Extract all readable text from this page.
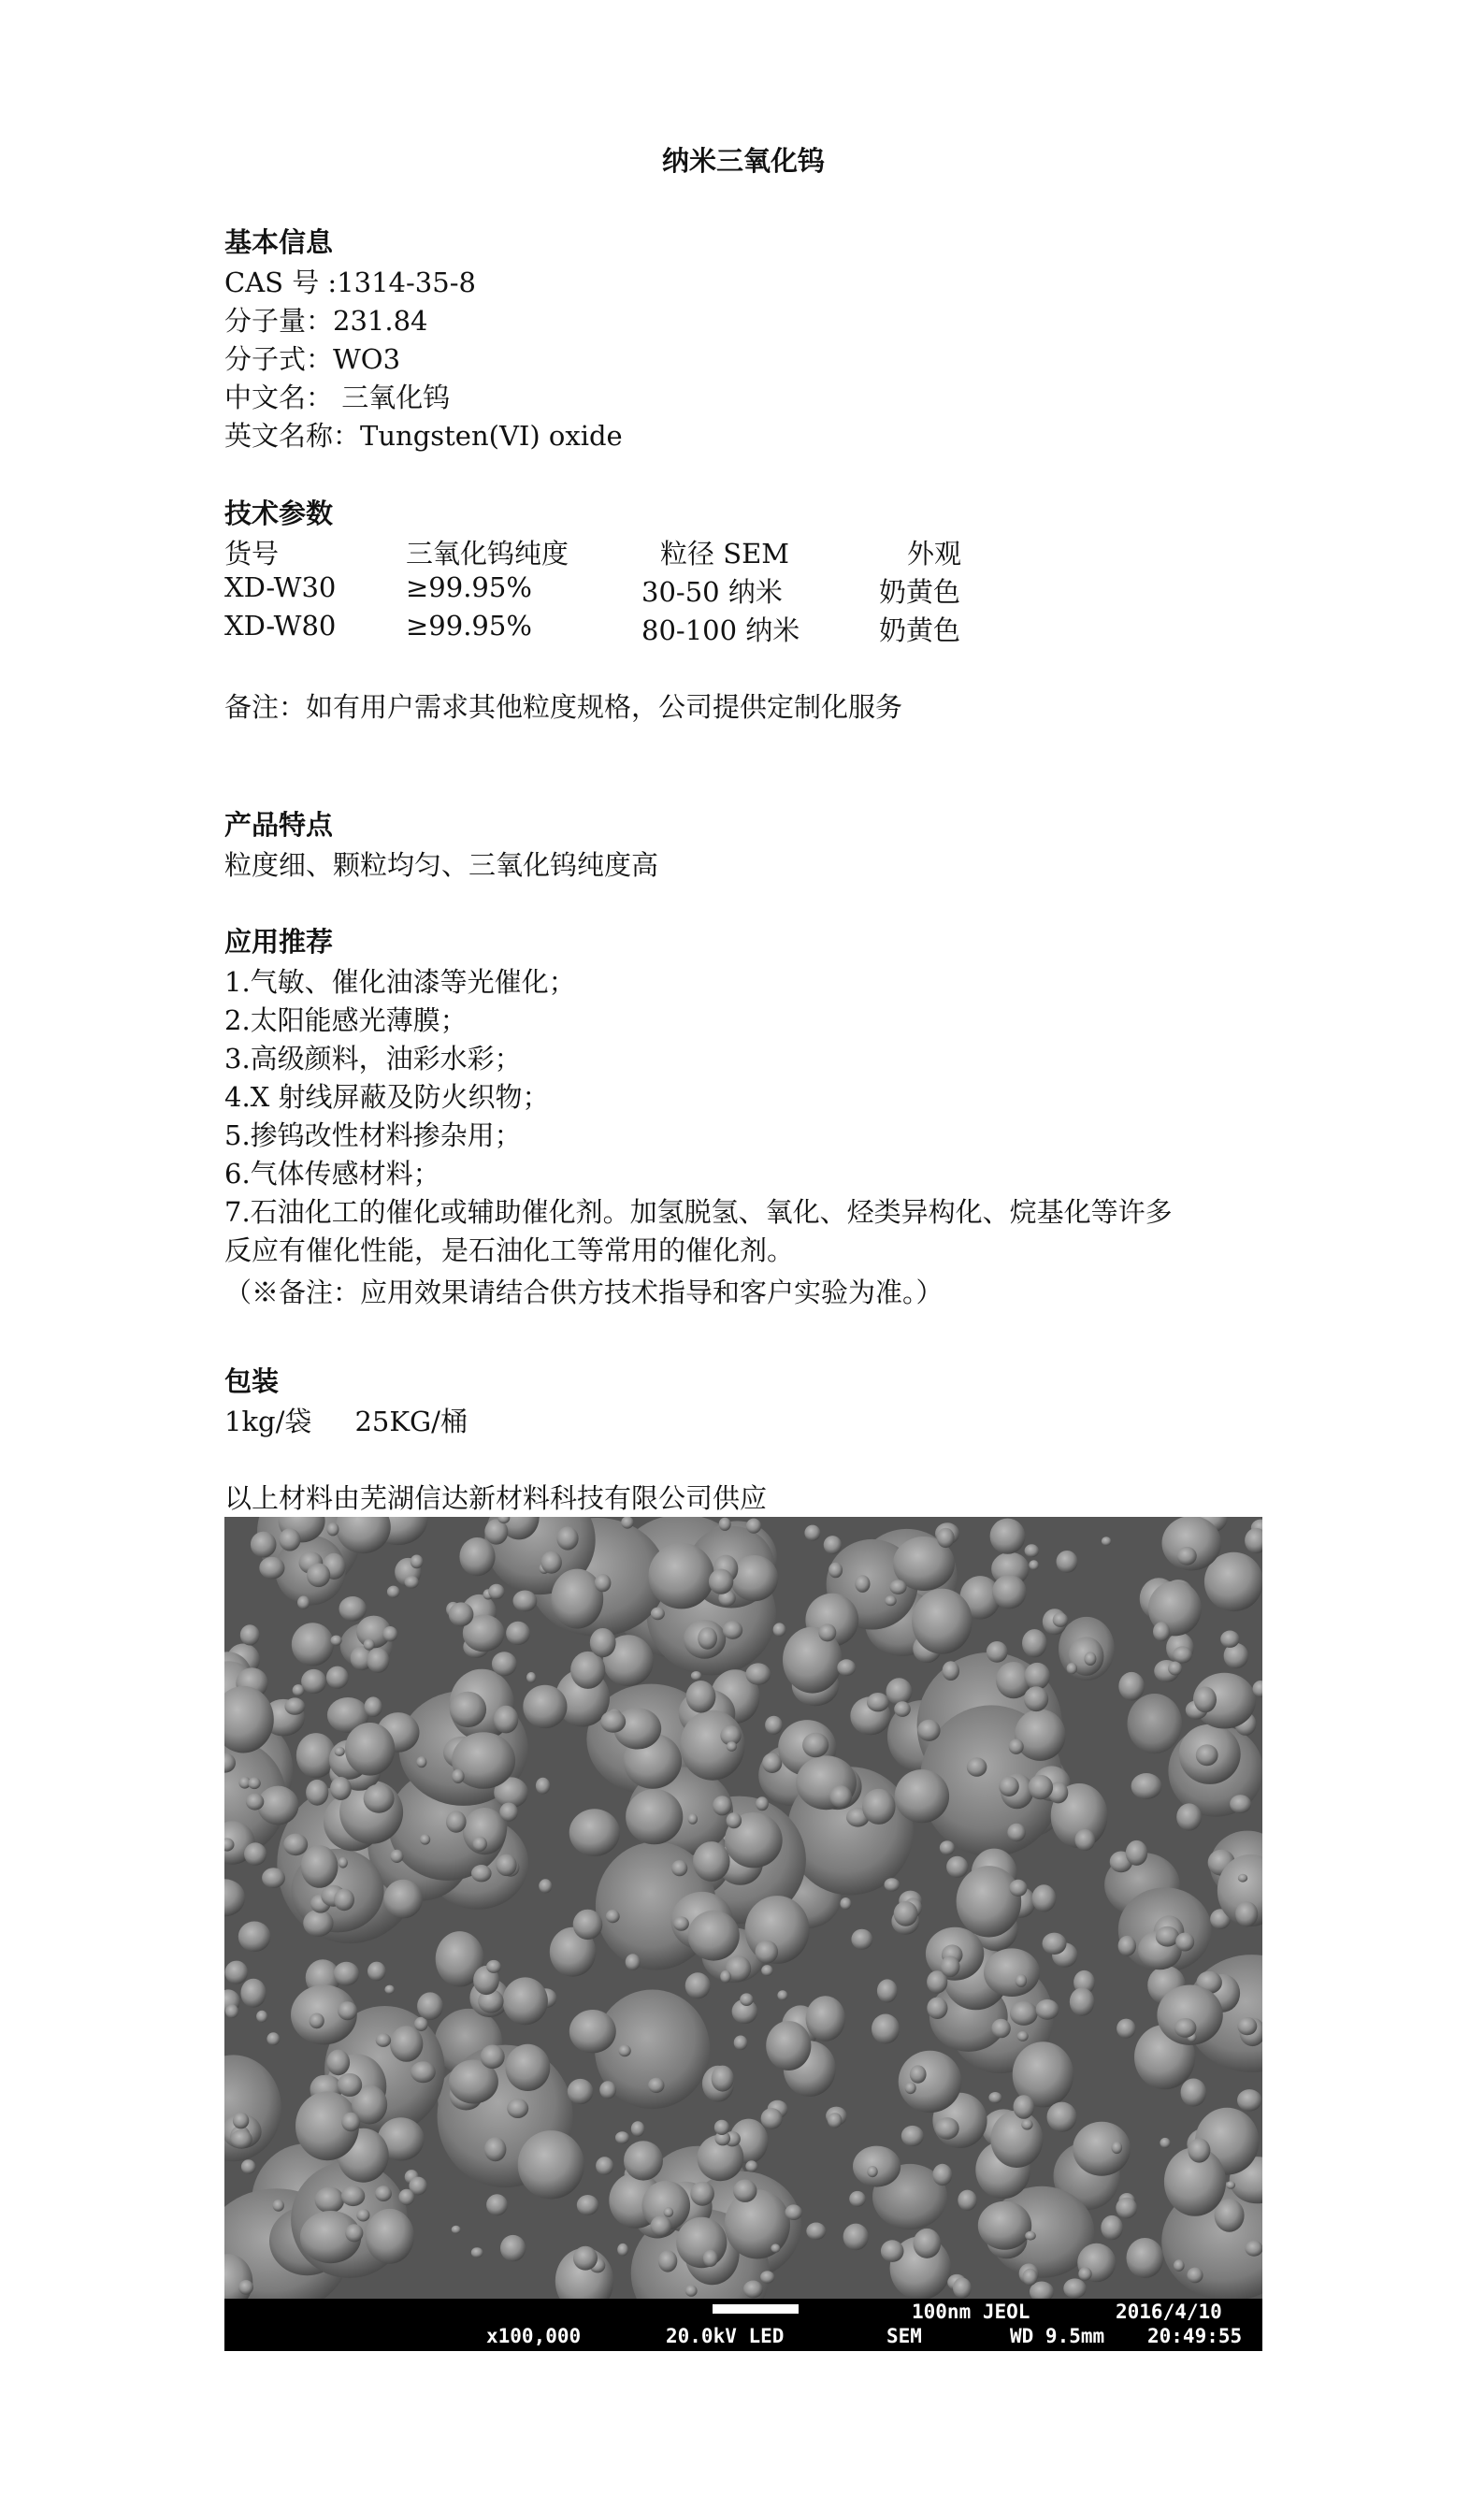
纳米三氧化钨
基本信息
CAS 号 :1314-35-8
分子量：231.84
分子式：WO3
中文名： 三氧化钨
英文名称：Tungsten(VI) oxide
技术参数
货号	三氧化钨纯度	粒径 SEM	外观
XD-W30	≥99.95%	30-50 纳米	奶黄色
XD-W80	≥99.95%	80-100 纳米	奶黄色
备注：如有用户需求其他粒度规格，公司提供定制化服务
产品特点
粒度细、颗粒均匀、三氧化钨纯度高
应用推荐
1.气敏、催化油漆等光催化；
2.太阳能感光薄膜；
3.高级颜料，油彩水彩；
4.X 射线屏蔽及防火织物；
5.掺钨改性材料掺杂用；
6.气体传感材料；
7.石油化工的催化或辅助催化剂。加氢脱氢、氧化、烃类异构化、烷基化等许多
反应有催化性能，是石油化工等常用的催化剂。
（※备注：应用效果请结合供方技术指导和客户实验为准。）
包装
1kg/袋     25KG/桶
以上材料由芜湖信达新材料科技有限公司供应
100nm JEOL	2016/4/10
x100,000	20.0kV LED	SEM	WD 9.5mm 20:49:55
